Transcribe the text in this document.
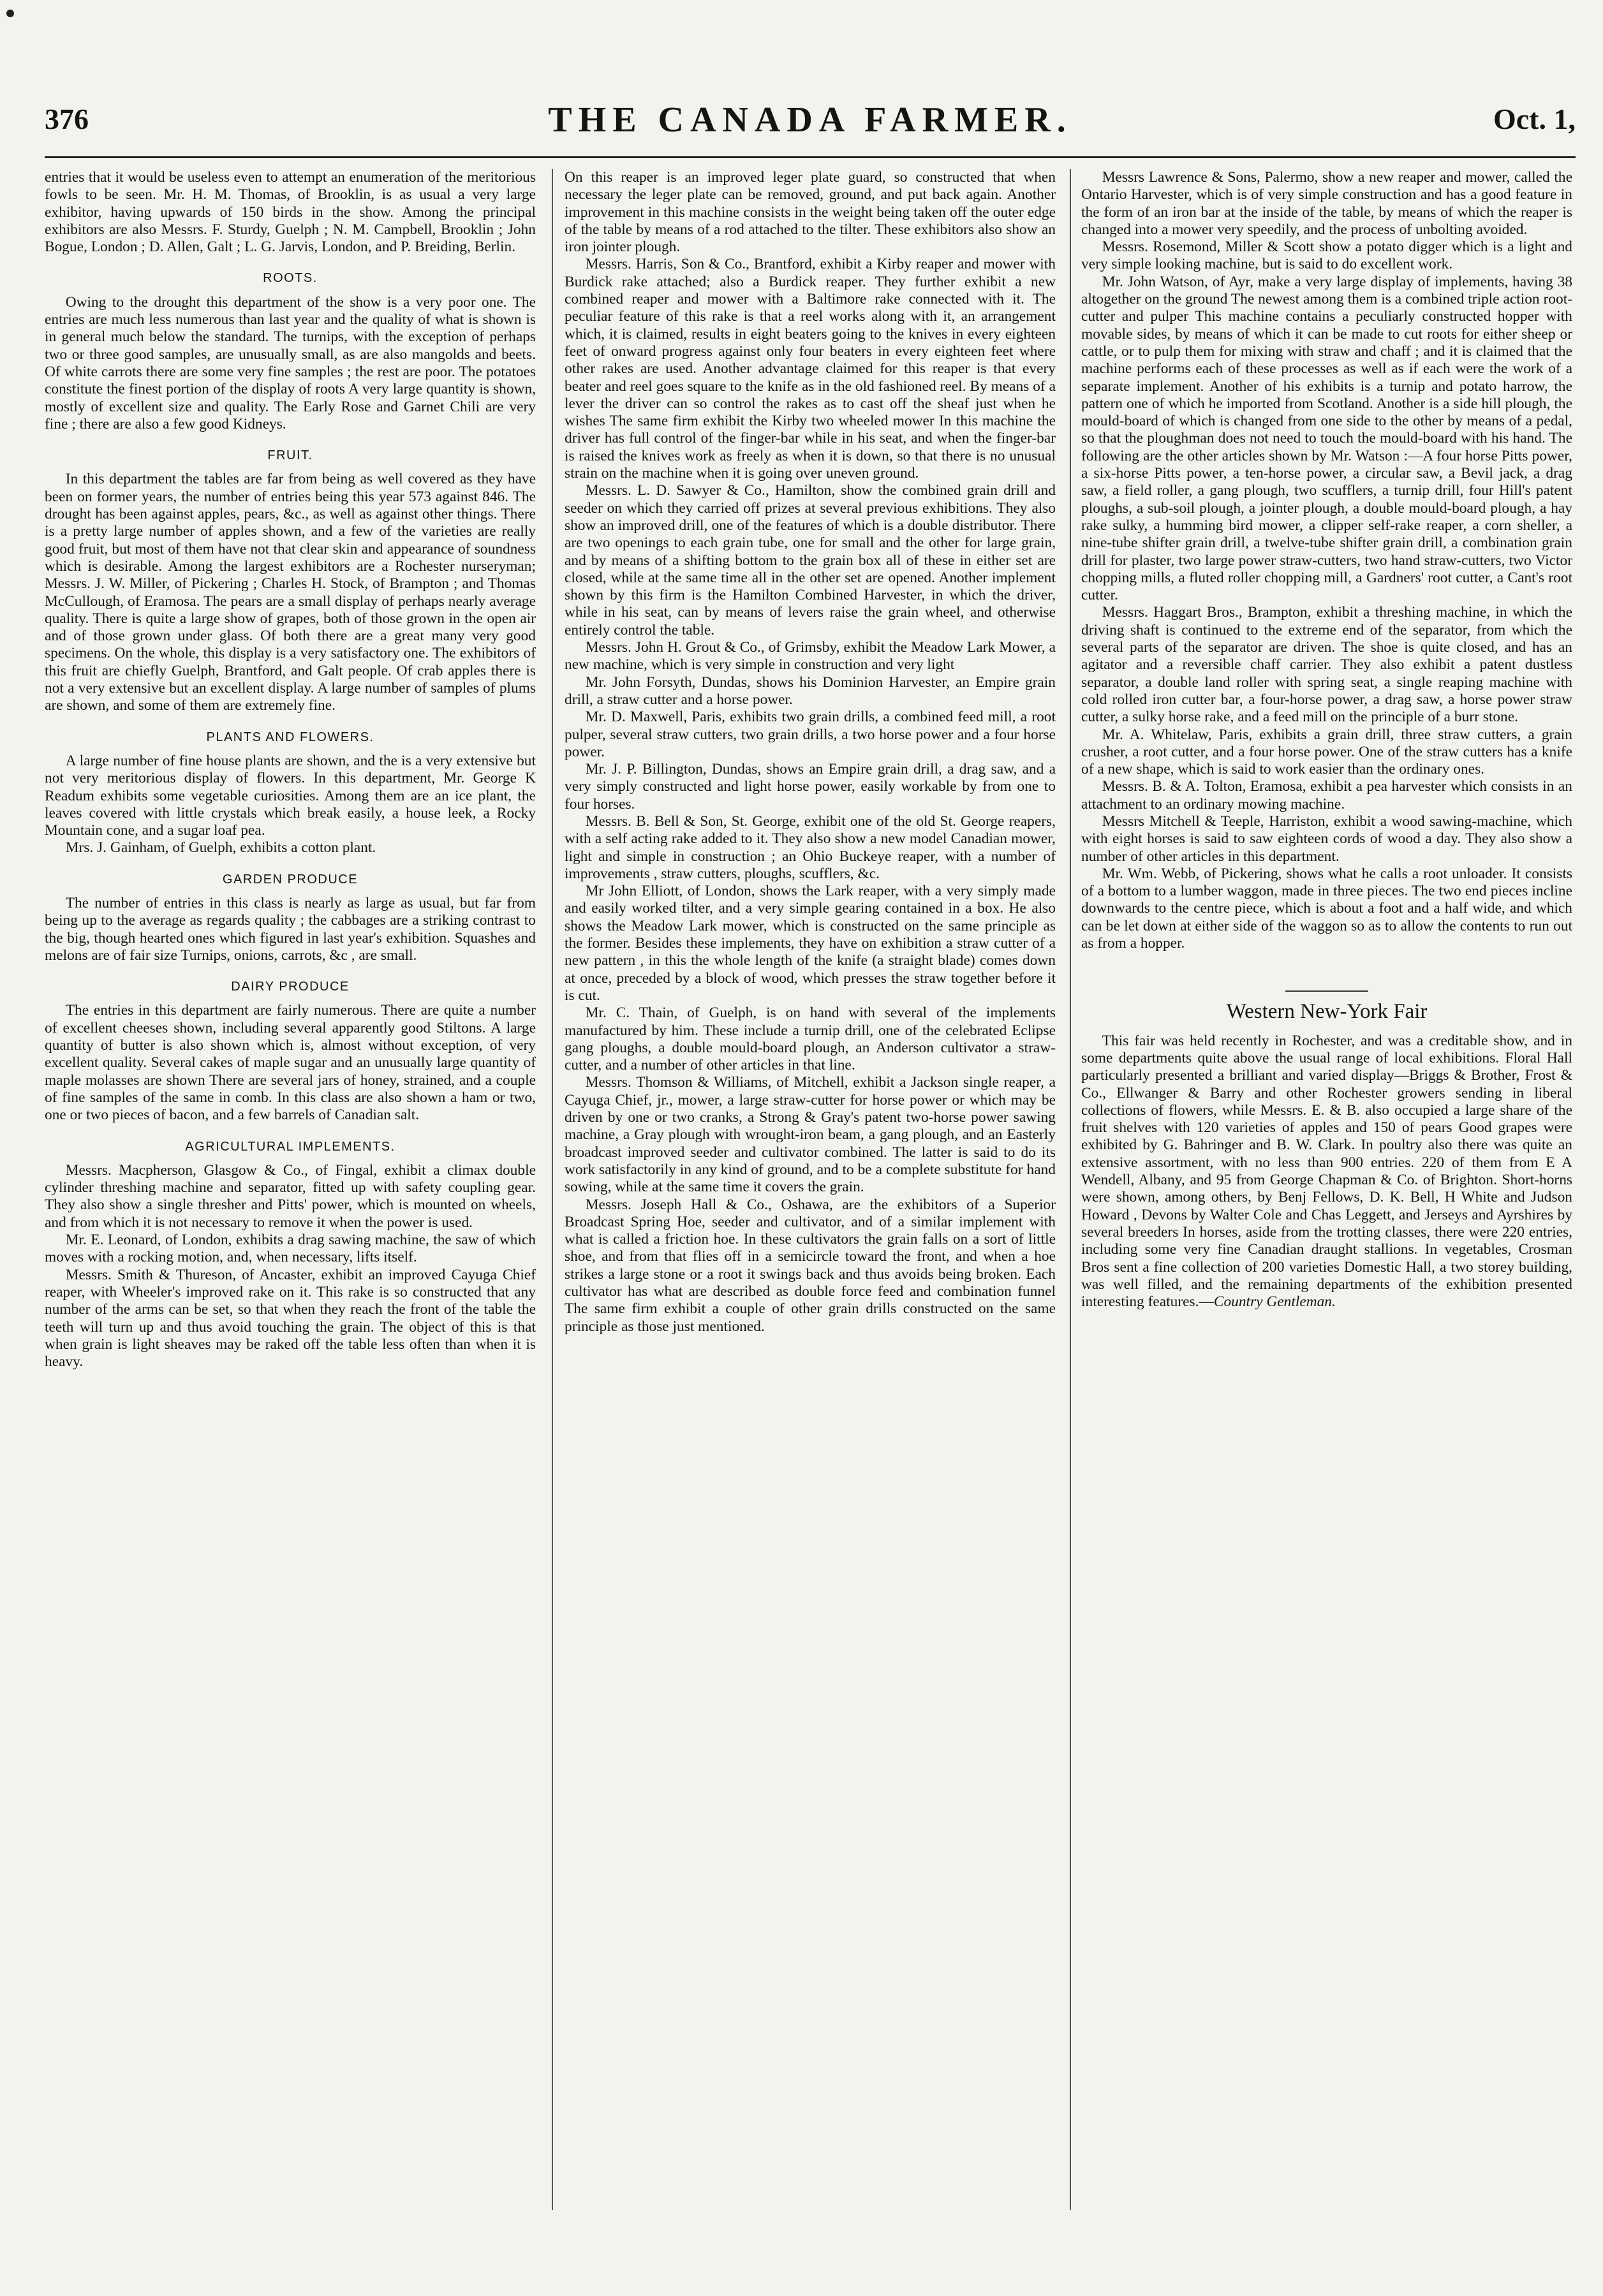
376	THE CANADA FARMER.	Oct. 1,

entries that it would be useless even to attempt an enumeration of the meritorious fowls to be seen. Mr. H. M. Thomas, of Brooklin, is as usual a very large exhibitor, having upwards of 150 birds in the show. Among the principal exhibitors are also Messrs. F. Sturdy, Guelph ; N. M. Campbell, Brooklin ; John Bogue, London ; D. Allen, Galt ; L. G. Jarvis, London, and P. Breiding, Berlin.

ROOTS.

Owing to the drought this department of the show is a very poor one. The entries are much less numerous than last year and the quality of what is shown is in general much below the standard. The turnips, with the exception of perhaps two or three good samples, are unusually small, as are also mangolds and beets. Of white carrots there are some very fine samples ; the rest are poor. The potatoes constitute the finest portion of the display of roots A very large quantity is shown, mostly of excellent size and quality. The Early Rose and Garnet Chili are very fine ; there are also a few good Kidneys.

FRUIT.

In this department the tables are far from being as well covered as they have been on former years, the number of entries being this year 573 against 846. The drought has been against apples, pears, &c., as well as against other things. There is a pretty large number of apples shown, and a few of the varieties are really good fruit, but most of them have not that clear skin and appearance of soundness which is desirable. Among the largest exhibitors are a Rochester nurseryman; Messrs. J. W. Miller, of Pickering ; Charles H. Stock, of Brampton ; and Thomas McCullough, of Eramosa. The pears are a small display of perhaps nearly average quality. There is quite a large show of grapes, both of those grown in the open air and of those grown under glass. Of both there are a great many very good specimens. On the whole, this display is a very satisfactory one. The exhibitors of this fruit are chiefly Guelph, Brantford, and Galt people. Of crab apples there is not a very extensive but an excellent display. A large number of samples of plums are shown, and some of them are extremely fine.

PLANTS AND FLOWERS.

A large number of fine house plants are shown, and the is a very extensive but not very meritorious display of flowers. In this department, Mr. George K Readum exhibits some vegetable curiosities. Among them are an ice plant, the leaves covered with little crystals which break easily, a house leek, a Rocky Mountain cone, and a sugar loaf pea.

Mrs. J. Gainham, of Guelph, exhibits a cotton plant.

GARDEN PRODUCE

The number of entries in this class is nearly as large as usual, but far from being up to the average as regards quality ; the cabbages are a striking contrast to the big, though hearted ones which figured in last year's exhibition. Squashes and melons are of fair size Turnips, onions, carrots, &c , are small.

DAIRY PRODUCE

The entries in this department are fairly numerous. There are quite a number of excellent cheeses shown, including several apparently good Stiltons. A large quantity of butter is also shown which is, almost without exception, of very excellent quality. Several cakes of maple sugar and an unusually large quantity of maple molasses are shown There are several jars of honey, strained, and a couple of fine samples of the same in comb. In this class are also shown a ham or two, one or two pieces of bacon, and a few barrels of Canadian salt.

AGRICULTURAL IMPLEMENTS.

Messrs. Macpherson, Glasgow & Co., of Fingal, exhibit a climax double cylinder threshing machine and separator, fitted up with safety coupling gear. They also show a single thresher and Pitts' power, which is mounted on wheels, and from which it is not necessary to remove it when the power is used.

Mr. E. Leonard, of London, exhibits a drag sawing machine, the saw of which moves with a rocking motion, and, when necessary, lifts itself.

Messrs. Smith & Thureson, of Ancaster, exhibit an improved Cayuga Chief reaper, with Wheeler's improved rake on it. This rake is so constructed that any number of the arms can be set, so that when they reach the front of the table the teeth will turn up and thus avoid touching the grain. The object of this is that when grain is light sheaves may be raked off the table less often than when it is heavy.

On this reaper is an improved leger plate guard, so constructed that when necessary the leger plate can be removed, ground, and put back again. Another improvement in this machine consists in the weight being taken off the outer edge of the table by means of a rod attached to the tilter. These exhibitors also show an iron jointer plough.

Messrs. Harris, Son & Co., Brantford, exhibit a Kirby reaper and mower with Burdick rake attached; also a Burdick reaper. They further exhibit a new combined reaper and mower with a Baltimore rake connected with it. The peculiar feature of this rake is that a reel works along with it, an arrangement which, it is claimed, results in eight beaters going to the knives in every eighteen feet of onward progress against only four beaters in every eighteen feet where other rakes are used. Another advantage claimed for this reaper is that every beater and reel goes square to the knife as in the old fashioned reel. By means of a lever the driver can so control the rakes as to cast off the sheaf just when he wishes The same firm exhibit the Kirby two wheeled mower In this machine the driver has full control of the finger-bar while in his seat, and when the finger-bar is raised the knives work as freely as when it is down, so that there is no unusual strain on the machine when it is going over uneven ground.

Messrs. L. D. Sawyer & Co., Hamilton, show the combined grain drill and seeder on which they carried off prizes at several previous exhibitions. They also show an improved drill, one of the features of which is a double distributor. There are two openings to each grain tube, one for small and the other for large grain, and by means of a shifting bottom to the grain box all of these in either set are closed, while at the same time all in the other set are opened. Another implement shown by this firm is the Hamilton Combined Harvester, in which the driver, while in his seat, can by means of levers raise the grain wheel, and otherwise entirely control the table.

Messrs. John H. Grout & Co., of Grimsby, exhibit the Meadow Lark Mower, a new machine, which is very simple in construction and very light

Mr. John Forsyth, Dundas, shows his Dominion Harvester, an Empire grain drill, a straw cutter and a horse power.

Mr. D. Maxwell, Paris, exhibits two grain drills, a combined feed mill, a root pulper, several straw cutters, two grain drills, a two horse power and a four horse power.

Mr. J. P. Billington, Dundas, shows an Empire grain drill, a drag saw, and a very simply constructed and light horse power, easily workable by from one to four horses.

Messrs. B. Bell & Son, St. George, exhibit one of the old St. George reapers, with a self acting rake added to it. They also show a new model Canadian mower, light and simple in construction ; an Ohio Buckeye reaper, with a number of improvements , straw cutters, ploughs, scufflers, &c.

Mr John Elliott, of London, shows the Lark reaper, with a very simply made and easily worked tilter, and a very simple gearing contained in a box. He also shows the Meadow Lark mower, which is constructed on the same principle as the former. Besides these implements, they have on exhibition a straw cutter of a new pattern , in this the whole length of the knife (a straight blade) comes down at once, preceded by a block of wood, which presses the straw together before it is cut.

Mr. C. Thain, of Guelph, is on hand with several of the implements manufactured by him. These include a turnip drill, one of the celebrated Eclipse gang ploughs, a double mould-board plough, an Anderson cultivator a straw-cutter, and a number of other articles in that line.

Messrs. Thomson & Williams, of Mitchell, exhibit a Jackson single reaper, a Cayuga Chief, jr., mower, a large straw-cutter for horse power or which may be driven by one or two cranks, a Strong & Gray's patent two-horse power sawing machine, a Gray plough with wrought-iron beam, a gang plough, and an Easterly broadcast improved seeder and cultivator combined. The latter is said to do its work satisfactorily in any kind of ground, and to be a complete substitute for hand sowing, while at the same time it covers the grain.

Messrs. Joseph Hall & Co., Oshawa, are the exhibitors of a Superior Broadcast Spring Hoe, seeder and cultivator, and of a similar implement with what is called a friction hoe. In these cultivators the grain falls on a sort of little shoe, and from that flies off in a semicircle toward the front, and when a hoe strikes a large stone or a root it swings back and thus avoids being broken. Each cultivator has what are described as double force feed and combination funnel The same firm exhibit a couple of other grain drills constructed on the same principle as those just mentioned.

Messrs Lawrence & Sons, Palermo, show a new reaper and mower, called the Ontario Harvester, which is of very simple construction and has a good feature in the form of an iron bar at the inside of the table, by means of which the reaper is changed into a mower very speedily, and the process of unbolting avoided.

Messrs. Rosemond, Miller & Scott show a potato digger which is a light and very simple looking machine, but is said to do excellent work.

Mr. John Watson, of Ayr, make a very large display of implements, having 38 altogether on the ground The newest among them is a combined triple action root-cutter and pulper This machine contains a peculiarly constructed hopper with movable sides, by means of which it can be made to cut roots for either sheep or cattle, or to pulp them for mixing with straw and chaff ; and it is claimed that the machine performs each of these processes as well as if each were the work of a separate implement. Another of his exhibits is a turnip and potato harrow, the pattern one of which he imported from Scotland. Another is a side hill plough, the mould-board of which is changed from one side to the other by means of a pedal, so that the ploughman does not need to touch the mould-board with his hand. The following are the other articles shown by Mr. Watson :—A four horse Pitts power, a six-horse Pitts power, a ten-horse power, a circular saw, a Bevil jack, a drag saw, a field roller, a gang plough, two scufflers, a turnip drill, four Hill's patent ploughs, a sub-soil plough, a jointer plough, a double mould-board plough, a hay rake sulky, a humming bird mower, a clipper self-rake reaper, a corn sheller, a nine-tube shifter grain drill, a twelve-tube shifter grain drill, a combination grain drill for plaster, two large power straw-cutters, two hand straw-cutters, two Victor chopping mills, a fluted roller chopping mill, a Gardners' root cutter, a Cant's root cutter.

Messrs. Haggart Bros., Brampton, exhibit a threshing machine, in which the driving shaft is continued to the extreme end of the separator, from which the several parts of the separator are driven. The shoe is quite closed, and has an agitator and a reversible chaff carrier. They also exhibit a patent dustless separator, a double land roller with spring seat, a single reaping machine with cold rolled iron cutter bar, a four-horse power, a drag saw, a horse power straw cutter, a sulky horse rake, and a feed mill on the principle of a burr stone.

Mr. A. Whitelaw, Paris, exhibits a grain drill, three straw cutters, a grain crusher, a root cutter, and a four horse power. One of the straw cutters has a knife of a new shape, which is said to work easier than the ordinary ones.

Messrs. B. & A. Tolton, Eramosa, exhibit a pea harvester which consists in an attachment to an ordinary mowing machine.

Messrs Mitchell & Teeple, Harriston, exhibit a wood sawing-machine, which with eight horses is said to saw eighteen cords of wood a day. They also show a number of other articles in this department.

Mr. Wm. Webb, of Pickering, shows what he calls a root unloader. It consists of a bottom to a lumber waggon, made in three pieces. The two end pieces incline downwards to the centre piece, which is about a foot and a half wide, and which can be let down at either side of the waggon so as to allow the contents to run out as from a hopper.

Western New-York Fair

This fair was held recently in Rochester, and was a creditable show, and in some departments quite above the usual range of local exhibitions. Floral Hall particularly presented a brilliant and varied display—Briggs & Brother, Frost & Co., Ellwanger & Barry and other Rochester growers sending in liberal collections of flowers, while Messrs. E. & B. also occupied a large share of the fruit shelves with 120 varieties of apples and 150 of pears Good grapes were exhibited by G. Bahringer and B. W. Clark. In poultry also there was quite an extensive assortment, with no less than 900 entries. 220 of them from E A Wendell, Albany, and 95 from George Chapman & Co. of Brighton. Short-horns were shown, among others, by Benj Fellows, D. K. Bell, H White and Judson Howard , Devons by Walter Cole and Chas Leggett, and Jerseys and Ayrshires by several breeders In horses, aside from the trotting classes, there were 220 entries, including some very fine Canadian draught stallions. In vegetables, Crosman Bros sent a fine collection of 200 varieties Domestic Hall, a two storey building, was well filled, and the remaining departments of the exhibition presented interesting features.—Country Gentleman.
